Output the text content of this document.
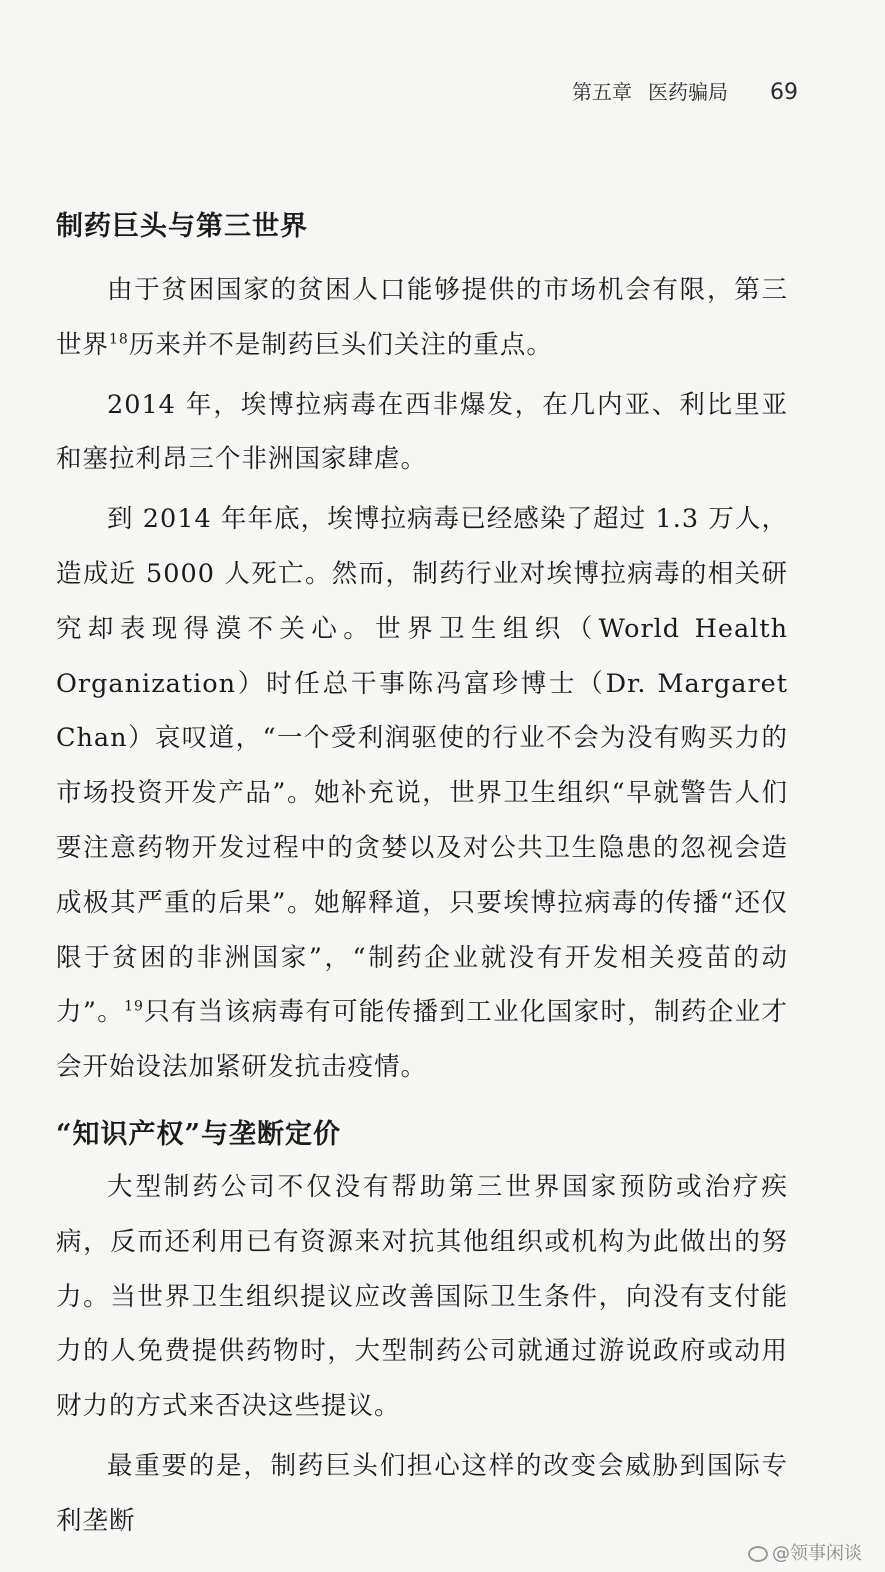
第五章 医药骗局 69
制药巨头与第三世界

由于贫困国家的贫困人口能够提供的市场机会有限，第三世界$^{18}$历来并不是制药巨头们关注的重点。

2014 年，埃博拉病毒在西非爆发，在几内亚、利比里亚和塞拉利昂三个非洲国家肆虐。

到 2014 年年底，埃博拉病毒已经感染了超过 1.3 万人，造成近 5000 人死亡。然而，制药行业对埃博拉病毒的相关研究却表现得漠不关心。世界卫生组织（World Health Organization）时任总干事陈冯富珍博士（Dr. Margaret Chan）哀叹道，“一个受利润驱使的行业不会为没有购买力的市场投资开发产品”。她补充说，世界卫生组织“早就警告人们要注意药物开发过程中的贪婪以及对公共卫生隐患的忽视会造成极其严重的后果”。她解释道，只要埃博拉病毒的传播“还仅限于贫困的非洲国家”，“制药企业就没有开发相关疫苗的动力”。$^{19}$只有当该病毒有可能传播到工业化国家时，制药企业才会开始设法加紧研发抗击疫情。

“知识产权”与垄断定价

大型制药公司不仅没有帮助第三世界国家预防或治疗疾病，反而还利用已有资源来对抗其他组织或机构为此做出的努力。当世界卫生组织提议应改善国际卫生条件，向没有支付能力的人免费提供药物时，大型制药公司就通过游说政府或动用财力的方式来否决这些提议。

最重要的是，制药巨头们担心这样的改变会威胁到国际专利垄断

@领事闲谈
